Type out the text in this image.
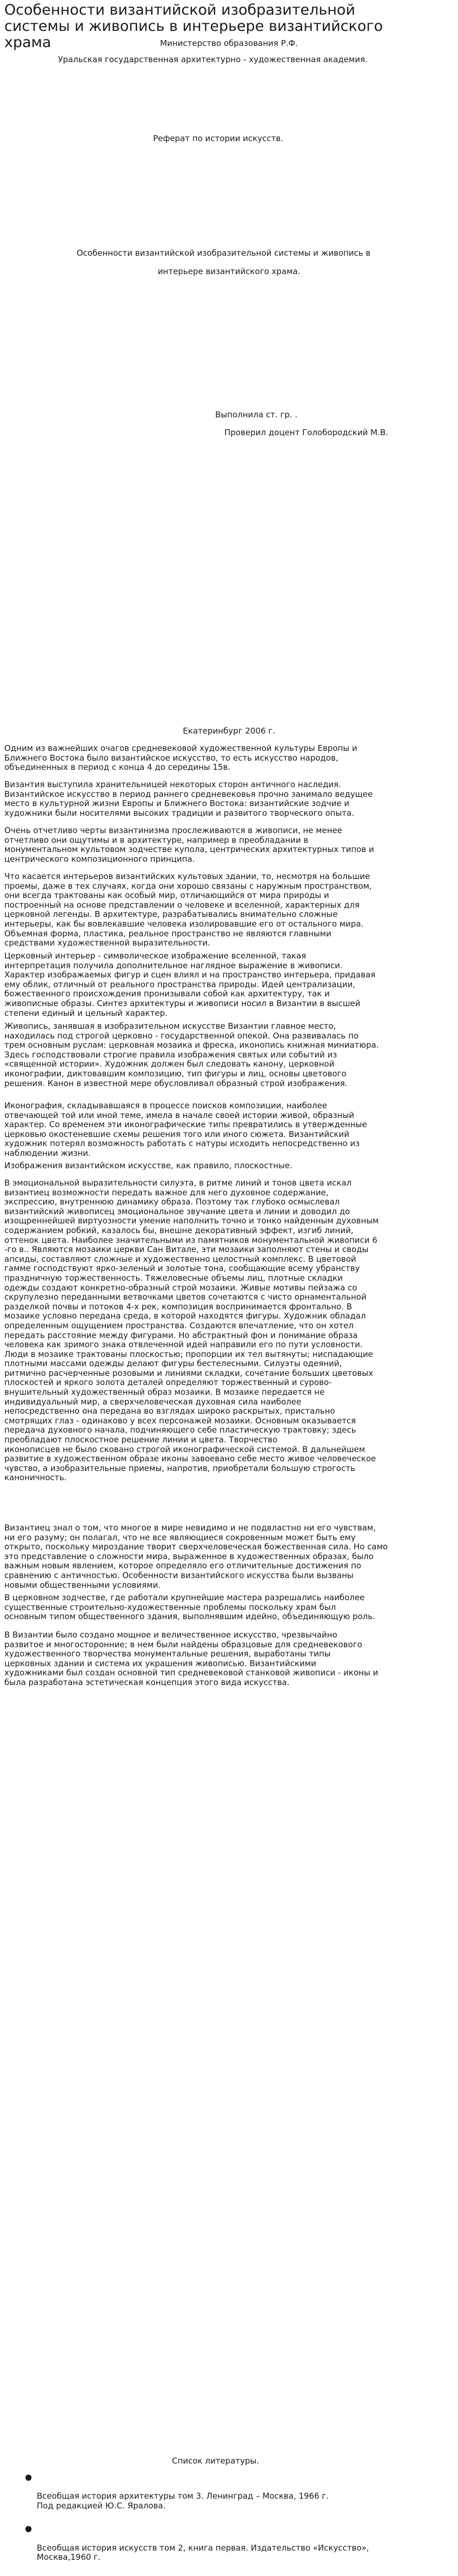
Особенности византийской изобразительной системы и живопись в интерьере византийского храма	Министерство образования Р.Ф.

Уральская государственная архитектурно - художественная академия.

Реферат по истории искусств.

Особенности византийской изобразительной системы и живопись в

интерьере византийского храма.

Выполнила ст. гр. .

Проверил доцент Голобородский М.В.

Екатеринбург 2006 г.

Одним из важнейших очагов средневековой художественной культуры Европы и
Ближнего Востока было византийское искусство, то есть искусство народов,
объединенных в период с конца 4 до середины 15в.

Византия выступила хранительницей некоторых сторон античного наследия.
Византийское искусство в период раннего средневековья прочно занимало ведущее
место в культурной жизни Европы и Ближнего Востока: византийские зодчие и
художники были носителями высоких традиции и развитого творческого опыта.

Очень отчетливо черты византинизма прослеживаются в живописи, не менее
отчетливо они ощутимы и в архитектуре, например в преобладании в
монументальном культовом зодчестве купола, центрических архитектурных типов и
центрического композиционного принципа.

Что касается интерьеров византийских культовых здании, то, несмотря на большие
проемы, даже в тех случаях, когда они хорошо связаны с наружным пространством,
они всегда трактованы как особый мир, отличающийся от мира природы и
построенный на основе представлении о человеке и вселенной, характерных для
церковной легенды. В архитектуре, разрабатывались внимательно сложные
интерьеры, как бы вовлекавшие человека изолировавшие его от остального мира.
Объемная форма, пластика, реальное пространство не являются главными
средствами художественной выразительности.

Церковный интерьер - символическое изображение вселенной, такая
интерпретация получила дополнительное наглядное выражение в живописи.
Характер изображаемых фигур и сцен влиял и на пространство интерьера, придавая
ему облик, отличный от реального пространства природы. Идей централизации,
божественного происхождения пронизывали собой как архитектуру, так и
живописные образы. Синтез архитектуры и живописи носил в Византии в высшей
степени единый и цельный характер.

Живопись, занявшая в изобразительном искусстве Византии главное место,
находилась под строгой церковно - государственной опекой. Она развивалась по
трем основным руслам: церковная мозаика и фреска, иконопись книжная миниатюра.
Здесь господствовали строгие правила изображения святых или событий из
«священной истории». Художник должен был следовать канону, церковной
иконографии, диктовавшим композицию, тип фигуры и лиц, основы цветового
решения. Канон в известной мере обусловливал образный строй изображения.

Иконография, складывавшаяся в процессе поисков композиции, наиболее
отвечающей той или иной теме, имела в начале своей истории живой, образный
характер. Со временем эти иконографические типы превратились в утвержденные
церковью окостеневшие схемы решения того или иного сюжета. Византийский
художник потерял возможность работать с натуры исходить непосредственно из
наблюдении жизни.

Изображения византийском искусстве, как правило, плоскостные.

В эмоциональной выразительности силуэта, в ритме линий и тонов цвета искал
византиец возможности передать важное для него духовное содержание,
экспрессию, внутреннюю динамику образа. Поэтому так глубоко осмыслевал
византийский живописец эмоциональное звучание цвета и линии и доводил до
изощреннейшей виртуозности умение наполнить точно и тонко найденным духовным
содержанием робкий, казалось бы, внешне декоративный эффект, изгиб линий,
оттенок цвета. Наиболее значительными из памятников монументальной живописи 6
-го в.. Являются мозаики церкви Сан Витале, эти мозаики заполняют стены и своды
апсиды, составляют сложные и художественно целостный комплекс. В цветовой
гамме господствуют ярко-зеленый и золотые тона, сообщающие всему убранству
праздничную торжественность. Тяжеловесные объемы лиц, плотные складки
одежды создают конкретно-образный строй мозаики. Живые мотивы пейзажа со
скрупулезно переданными ветвочками цветов сочетаются с чисто орнаментальной
разделкой почвы и потоков 4-х рек, композиция воспринимается фронтально. В
мозаике условно передана среда, в которой находятся фигуры. Художник обладал
определенным ощущением пространства. Создаются впечатление, что он хотел
передать расстояние между фигурами. Но абстрактный фон и понимание образа
человека как зримого знака отвлеченной идей направили его по пути условности.
Люди в мозаике трактованы плоскостью; пропорции их тел вытянуты; ниспадающие
плотными массами одежды делают фигуры бестелесными. Силуэты одеяний,
ритмично расчерченные розовыми и линиями складки, сочетание больших цветовых
плоскостей и яркого золота деталей определяют торжественный и сурово-
внушительный художественный образ мозаики. В мозаике передается не
индивидуальный мир, а сверхчеловеческая духовная сила наиболее
непосредственно она передана во взглядах широко раскрытых, пристально
смотрящих глаз - одинаково у всех персонажей мозаики. Основным оказывается
передача духовного начала, подчиняющего себе пластическую трактовку; здесь
преобладают плоскостное решение линии и цвета. Творчество
иконописцев не было сковано строгой иконографической системой. В дальнейшем
развитие в художественном образе иконы завоевано себе место живое человеческое
чувство, а изобразительные приемы, напротив, приобретали большую строгость
каноничность.

Византиец знал о том, что многое в мире невидимо и не подвластно ни его чувствам,
ни его разуму; он полагал, что не все являющиеся сокровенным может быть ему
открыто, поскольку мироздание творит сверхчеловеческая божественная сила. Но само
это представление о сложности мира, выраженное в художественных образах, было
важным новым явлением, которое определяло его отличительные достижения по
сравнению с античностью. Особенности византийского искусства были вызваны
новыми общественными условиями.

В церковном зодчестве, где работали крупнейшие мастера разрешались наиболее
существенные строительно-художественные проблемы поскольку храм был
основным типом общественного здания, выполнявшим идейно, объединяющую роль.

В Византии было создано мощное и величественное искусство, чрезвычайно
развитое и многосторонние; в нем были найдены образцовые для средневекового
художественного творчества монументальные решения, выработаны типы
церковных здании и система их украшения живописью. Византийскими
художниками был создан основной тип средневековой станковой живописи - иконы и
была разработана эстетическая концепция этого вида искусства.

Список литературы.

●

Всеобщая история архитектуры том 3. Ленинград – Москва, 1966 г.
Под редакцией Ю.С. Яралова.

●

Всеобщая история искусств том 2, книга первая. Издательство «Искусство»,
Москва,1960 г.
